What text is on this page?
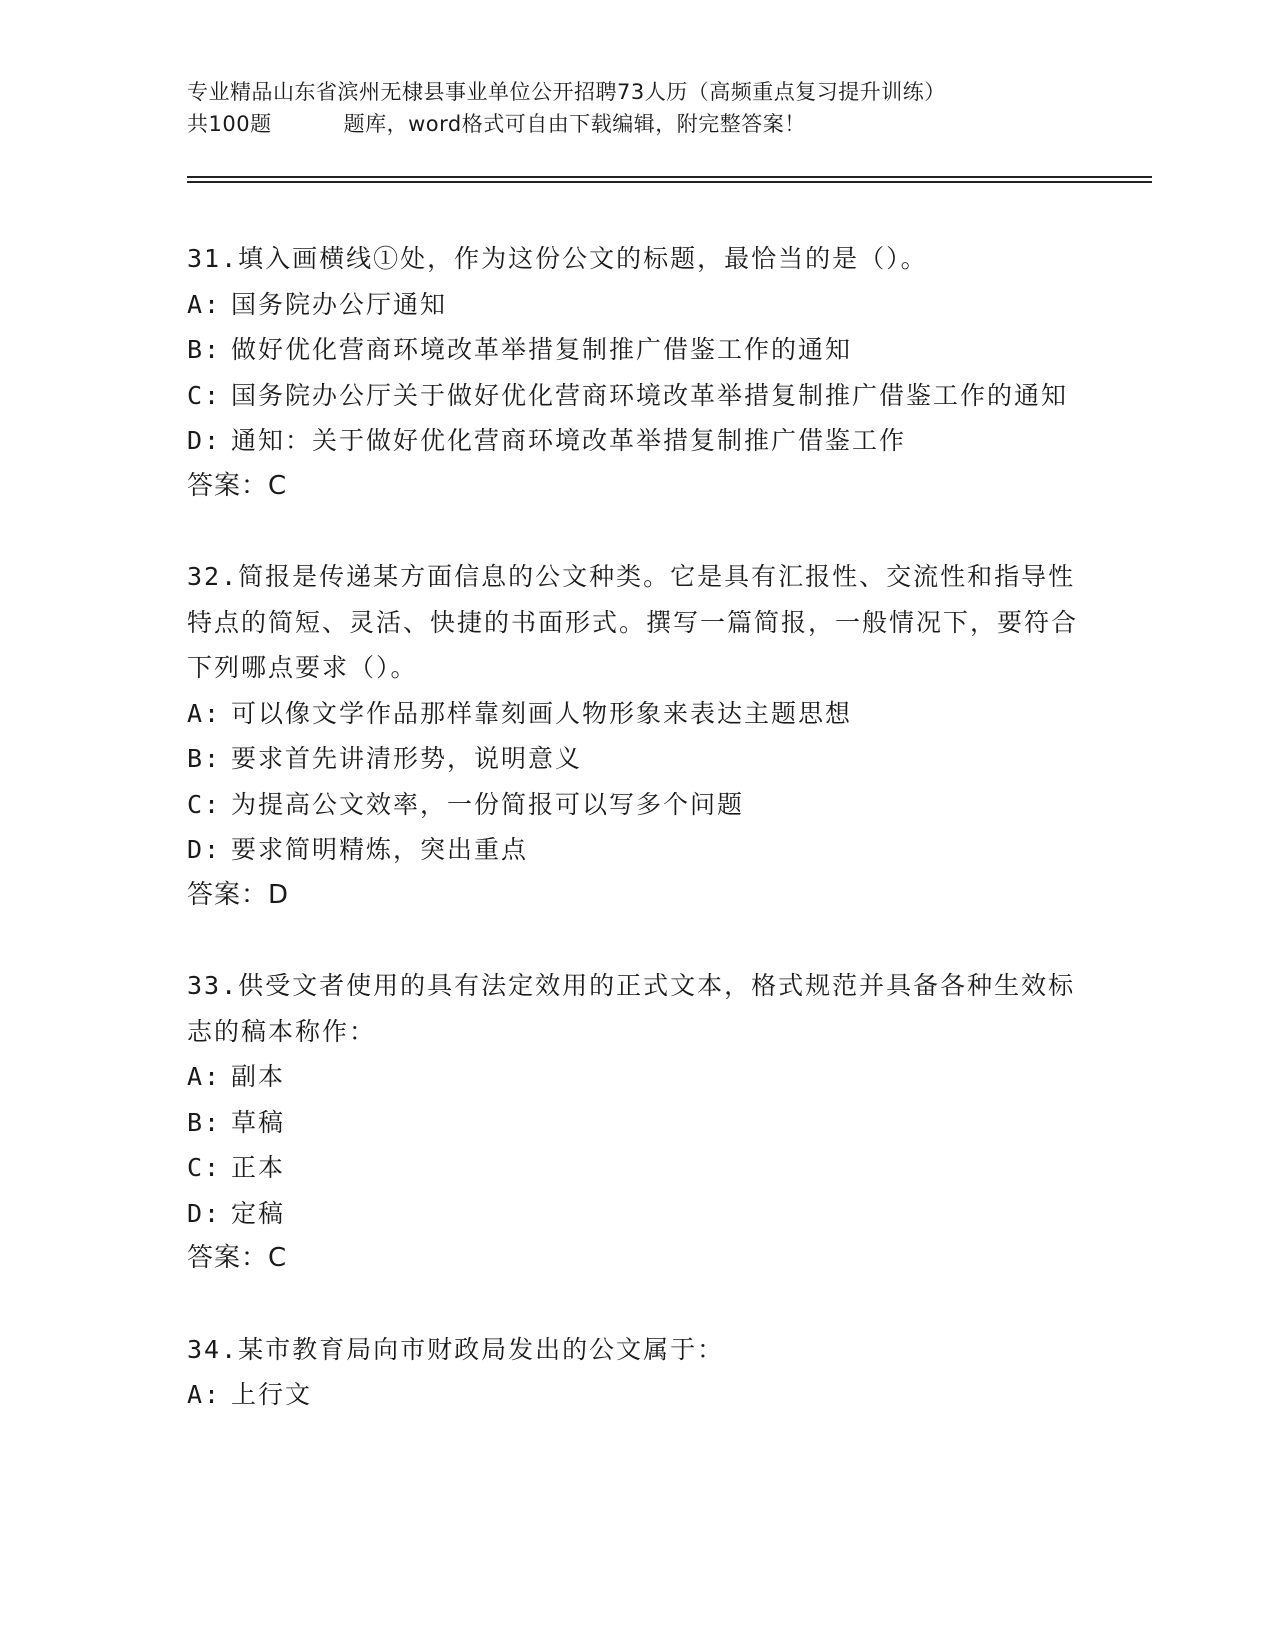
专业精品山东省滨州无棣县事业单位公开招聘73人历（高频重点复习提升训练）
共100题	题库，word格式可自由下载编辑，附完整答案！

31.填入画横线①处，作为这份公文的标题，最恰当的是（）。

A: 国务院办公厅通知

B: 做好优化营商环境改革举措复制推广借鉴工作的通知

C: 国务院办公厅关于做好优化营商环境改革举措复制推广借鉴工作的通知

D: 通知：关于做好优化营商环境改革举措复制推广借鉴工作

答案：C

32.简报是传递某方面信息的公文种类。它是具有汇报性、交流性和指导性特点的简短、灵活、快捷的书面形式。撰写一篇简报，一般情况下，要符合下列哪点要求（）。

A: 可以像文学作品那样靠刻画人物形象来表达主题思想

B: 要求首先讲清形势，说明意义

C: 为提高公文效率，一份简报可以写多个问题

D: 要求简明精炼，突出重点

答案：D

33.供受文者使用的具有法定效用的正式文本，格式规范并具备各种生效标志的稿本称作：

A: 副本

B: 草稿

C: 正本

D: 定稿

答案：C

34.某市教育局向市财政局发出的公文属于：

A: 上行文
